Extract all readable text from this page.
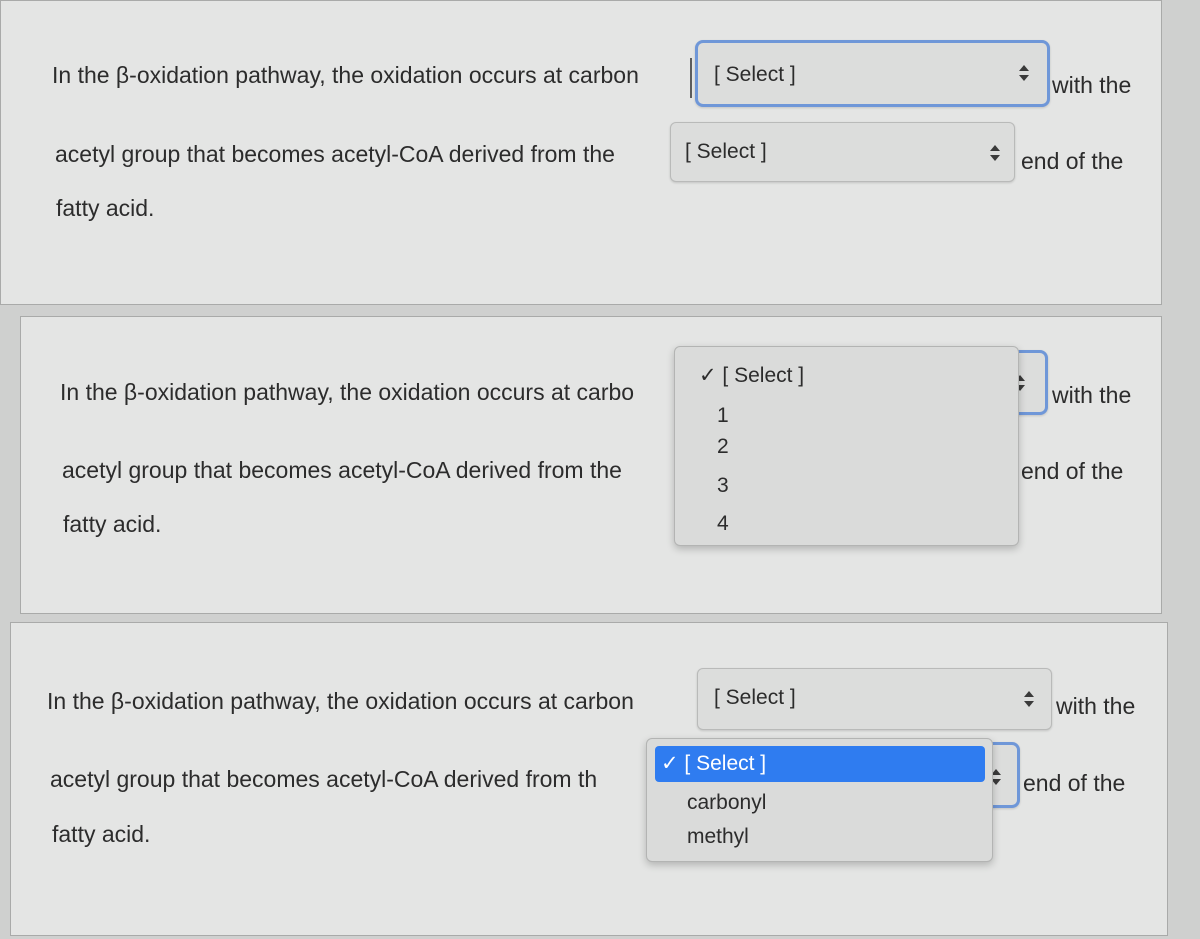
In the β-oxidation pathway, the oxidation occurs at carbon	[ Select ]	with the
acetyl group that becomes acetyl-CoA derived from the	[ Select ]	end of the
fatty acid.
In the β-oxidation pathway, the oxidation occurs at carbo	with the
acetyl group that becomes acetyl-CoA derived from the	end of the
fatty acid.
✓ [ Select ]
1
2
3
4
In the β-oxidation pathway, the oxidation occurs at carbon	[ Select ]	with the
acetyl group that becomes acetyl-CoA derived from th	end of the
fatty acid.
✓ [ Select ]
carbonyl
methyl
